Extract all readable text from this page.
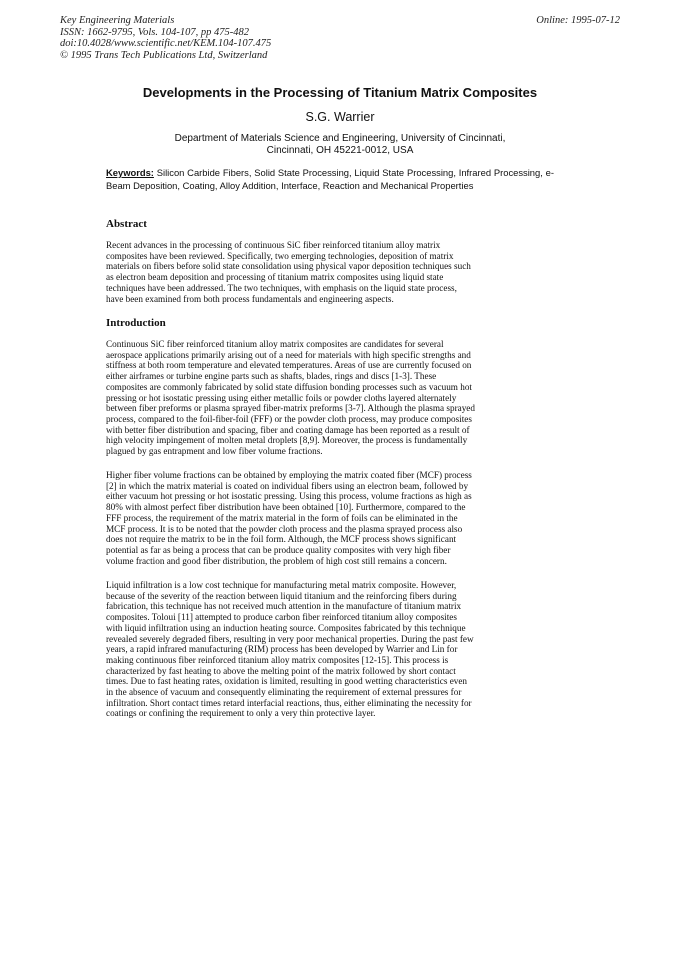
Key Engineering Materials
ISSN: 1662-9795, Vols. 104-107, pp 475-482
doi:10.4028/www.scientific.net/KEM.104-107.475
© 1995 Trans Tech Publications Ltd, Switzerland
Online: 1995-07-12
Developments in the Processing of Titanium Matrix Composites
S.G. Warrier
Department of Materials Science and Engineering, University of Cincinnati,
Cincinnati, OH 45221-0012, USA
Keywords: Silicon Carbide Fibers, Solid State Processing, Liquid State Processing, Infrared Processing, e-Beam Deposition, Coating, Alloy Addition, Interface, Reaction and Mechanical Properties
Abstract
Recent advances in the processing of continuous SiC fiber reinforced titanium alloy matrix
composites have been reviewed. Specifically, two emerging technologies, deposition of matrix
materials on fibers before solid state consolidation using physical vapor deposition techniques such
as electron beam deposition and processing of titanium matrix composites using liquid state
techniques have been addressed. The two techniques, with emphasis on the liquid state process,
have been examined from both process fundamentals and engineering aspects.
Introduction
Continuous SiC fiber reinforced titanium alloy matrix composites are candidates for several
aerospace applications primarily arising out of a need for materials with high specific strengths and
stiffness at both room temperature and elevated temperatures. Areas of use are currently focused on
either airframes or turbine engine parts such as shafts, blades, rings and discs [1-3]. These
composites are commonly fabricated by solid state diffusion bonding processes such as vacuum hot
pressing or hot isostatic pressing using either metallic foils or powder cloths layered alternately
between fiber preforms or plasma sprayed fiber-matrix preforms [3-7]. Although the plasma sprayed
process, compared to the foil-fiber-foil (FFF) or the powder cloth process, may produce composites
with better fiber distribution and spacing, fiber and coating damage has been reported as a result of
high velocity impingement of molten metal droplets [8,9]. Moreover, the process is fundamentally
plagued by gas entrapment and low fiber volume fractions.
Higher fiber volume fractions can be obtained by employing the matrix coated fiber (MCF) process
[2] in which the matrix material is coated on individual fibers using an electron beam, followed by
either vacuum hot pressing or hot isostatic pressing. Using this process, volume fractions as high as
80% with almost perfect fiber distribution have been obtained [10]. Furthermore, compared to the
FFF process, the requirement of the matrix material in the form of foils can be eliminated in the
MCF process. It is to be noted that the powder cloth process and the plasma sprayed process also
does not require the matrix to be in the foil form. Although, the MCF process shows significant
potential as far as being a process that can be produce quality composites with very high fiber
volume fraction and good fiber distribution, the problem of high cost still remains a concern.
Liquid infiltration is a low cost technique for manufacturing metal matrix composite. However,
because of the severity of the reaction between liquid titanium and the reinforcing fibers during
fabrication, this technique has not received much attention in the manufacture of titanium matrix
composites. Toloui [11] attempted to produce carbon fiber reinforced titanium alloy composites
with liquid infiltration using an induction heating source. Composites fabricated by this technique
revealed severely degraded fibers, resulting in very poor mechanical properties. During the past few
years, a rapid infrared manufacturing (RIM) process has been developed by Warrier and Lin for
making continuous fiber reinforced titanium alloy matrix composites [12-15]. This process is
characterized by fast heating to above the melting point of the matrix followed by short contact
times. Due to fast heating rates, oxidation is limited, resulting in good wetting characteristics even
in the absence of vacuum and consequently eliminating the requirement of external pressures for
infiltration. Short contact times retard interfacial reactions, thus, either eliminating the necessity for
coatings or confining the requirement to only a very thin protective layer.
